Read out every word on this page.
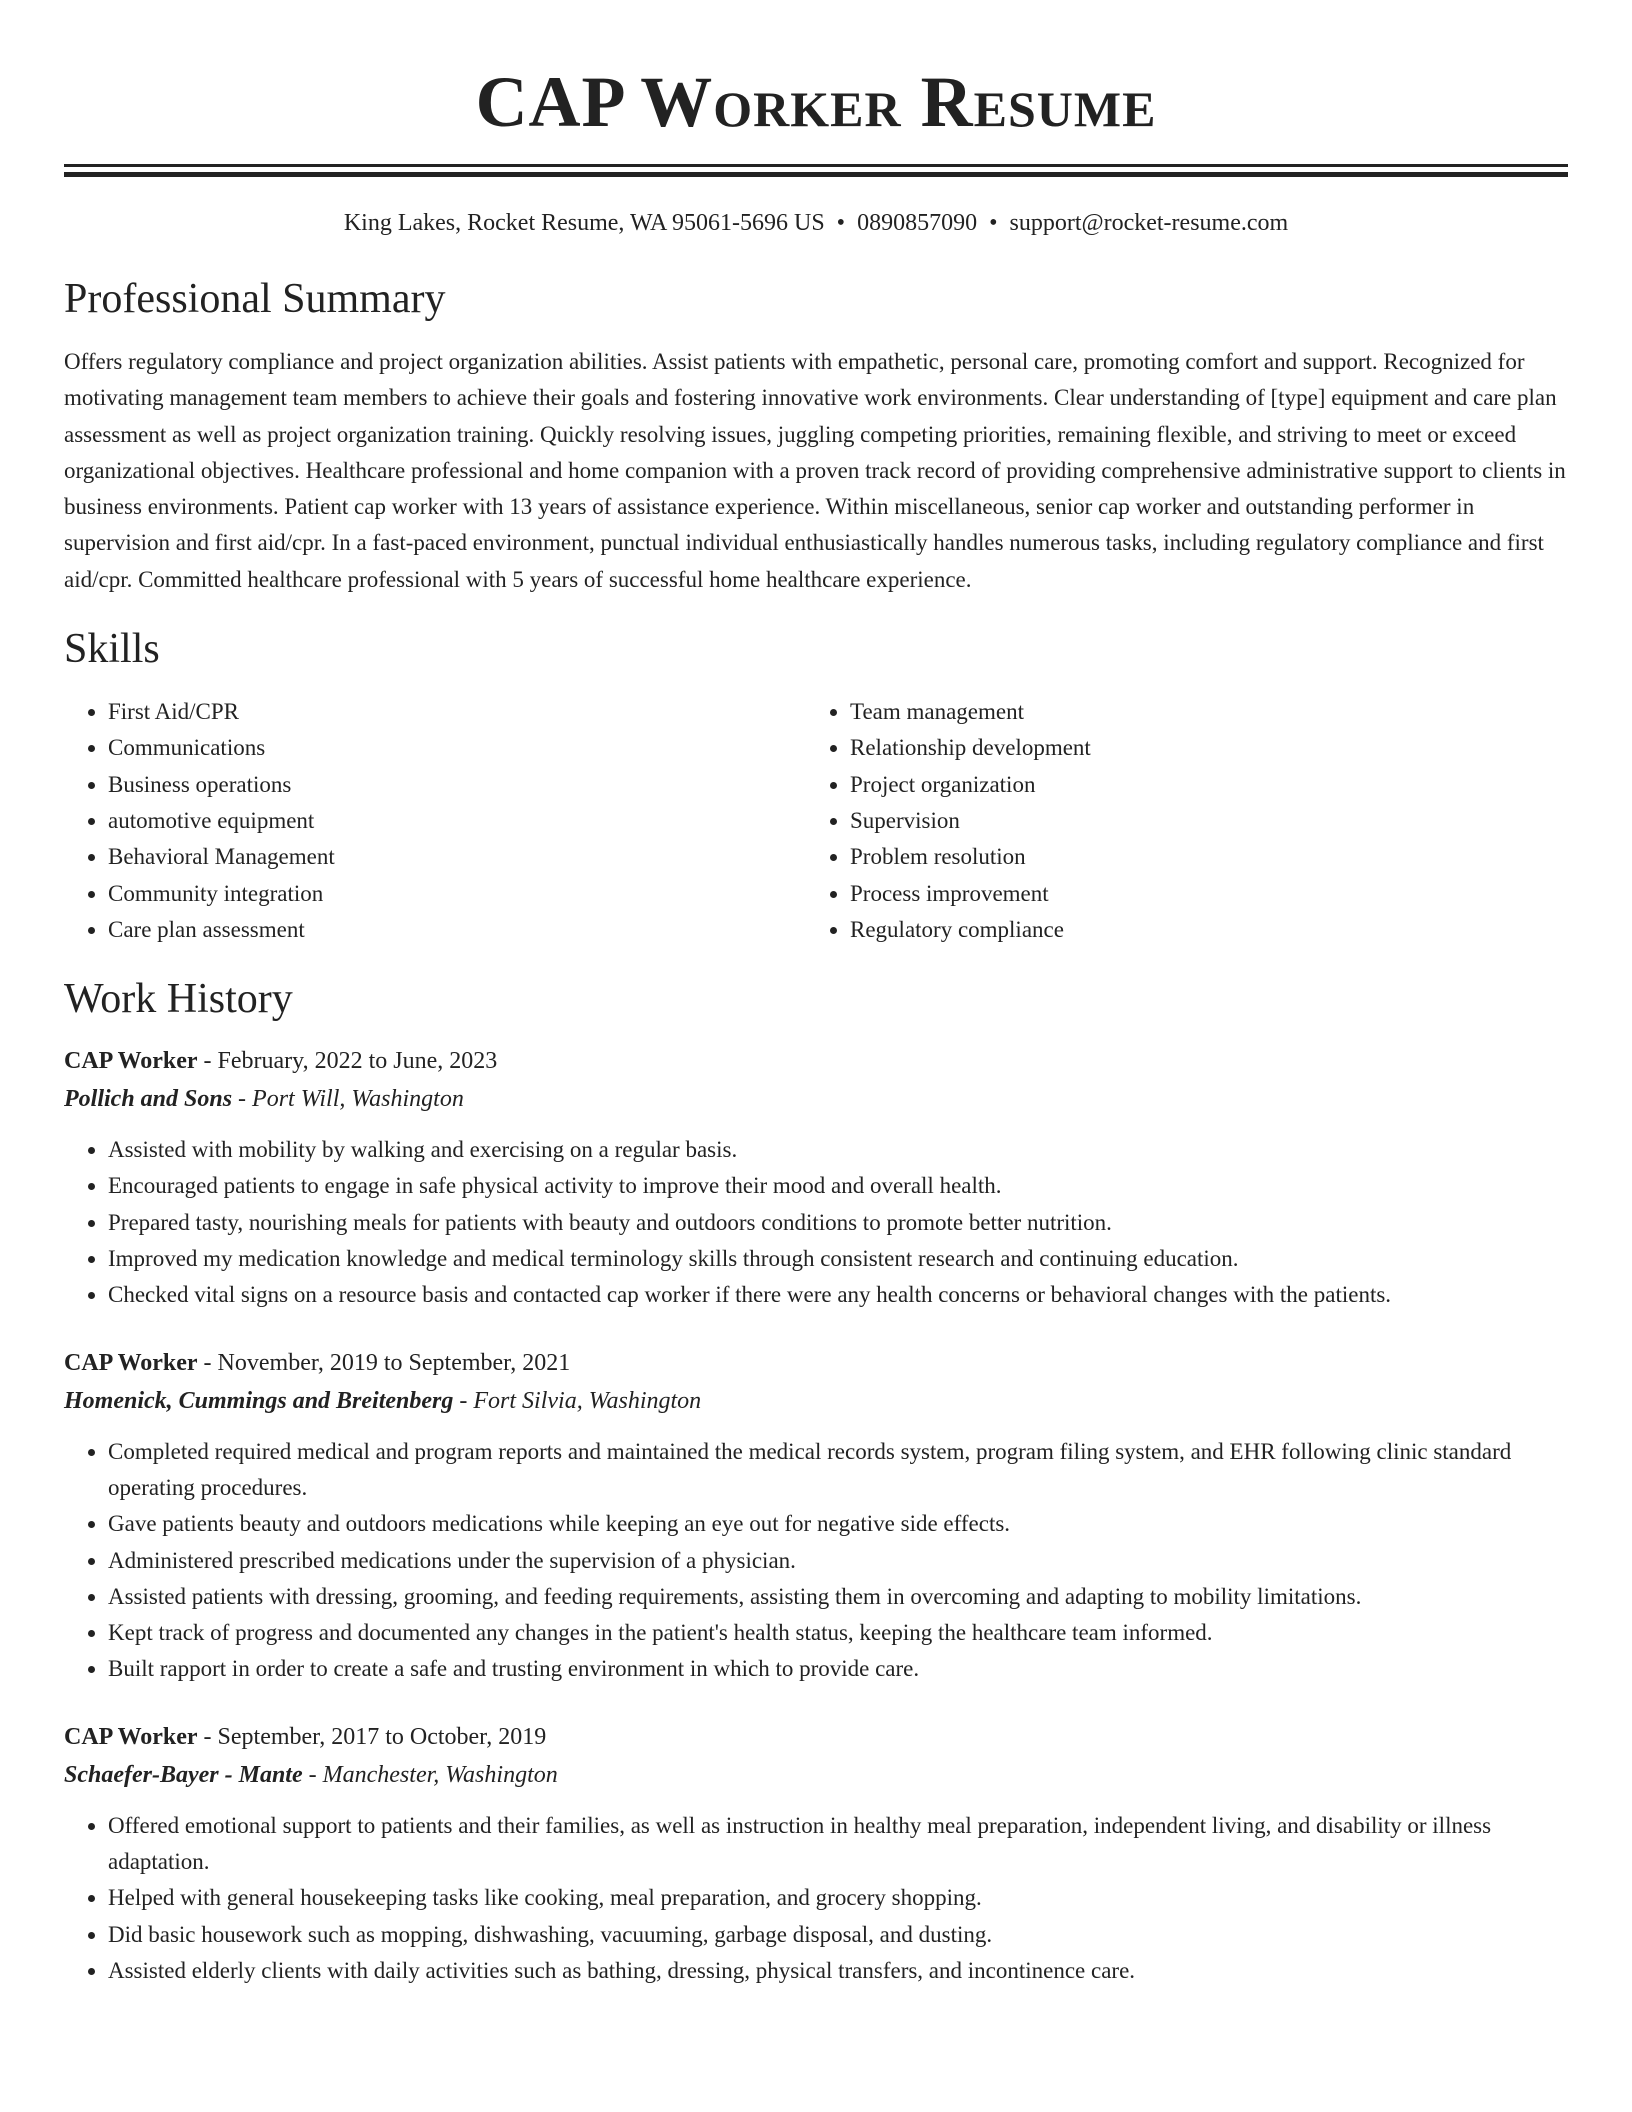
CAP Worker Resume
King Lakes, Rocket Resume, WA 95061-5696 US • 0890857090 • support@rocket-resume.com
Professional Summary

Offers regulatory compliance and project organization abilities. Assist patients with empathetic, personal care, promoting comfort and support. Recognized for motivating management team members to achieve their goals and fostering innovative work environments. Clear understanding of [type] equipment and care plan assessment as well as project organization training. Quickly resolving issues, juggling competing priorities, remaining flexible, and striving to meet or exceed organizational objectives. Healthcare professional and home companion with a proven track record of providing comprehensive administrative support to clients in business environments. Patient cap worker with 13 years of assistance experience. Within miscellaneous, senior cap worker and outstanding performer in supervision and first aid/cpr. In a fast-paced environment, punctual individual enthusiastically handles numerous tasks, including regulatory compliance and first aid/cpr. Committed healthcare professional with 5 years of successful home healthcare experience.

Skills
• First Aid/CPR
• Communications
• Business operations
• automotive equipment
• Behavioral Management
• Community integration
• Care plan assessment
• Team management
• Relationship development
• Project organization
• Supervision
• Problem resolution
• Process improvement
• Regulatory compliance
Work History
CAP Worker - February, 2022 to June, 2023
Pollich and Sons - Port Will, Washington
• Assisted with mobility by walking and exercising on a regular basis.
• Encouraged patients to engage in safe physical activity to improve their mood and overall health.
• Prepared tasty, nourishing meals for patients with beauty and outdoors conditions to promote better nutrition.
• Improved my medication knowledge and medical terminology skills through consistent research and continuing education.
• Checked vital signs on a resource basis and contacted cap worker if there were any health concerns or behavioral changes with the patients.
CAP Worker - November, 2019 to September, 2021
Homenick, Cummings and Breitenberg - Fort Silvia, Washington
• Completed required medical and program reports and maintained the medical records system, program filing system, and EHR following clinic standard operating procedures.
• Gave patients beauty and outdoors medications while keeping an eye out for negative side effects.
• Administered prescribed medications under the supervision of a physician.
• Assisted patients with dressing, grooming, and feeding requirements, assisting them in overcoming and adapting to mobility limitations.
• Kept track of progress and documented any changes in the patient's health status, keeping the healthcare team informed.
• Built rapport in order to create a safe and trusting environment in which to provide care.
CAP Worker - September, 2017 to October, 2019
Schaefer-Bayer - Mante - Manchester, Washington
• Offered emotional support to patients and their families, as well as instruction in healthy meal preparation, independent living, and disability or illness adaptation.
• Helped with general housekeeping tasks like cooking, meal preparation, and grocery shopping.
• Did basic housework such as mopping, dishwashing, vacuuming, garbage disposal, and dusting.
• Assisted elderly clients with daily activities such as bathing, dressing, physical transfers, and incontinence care.
